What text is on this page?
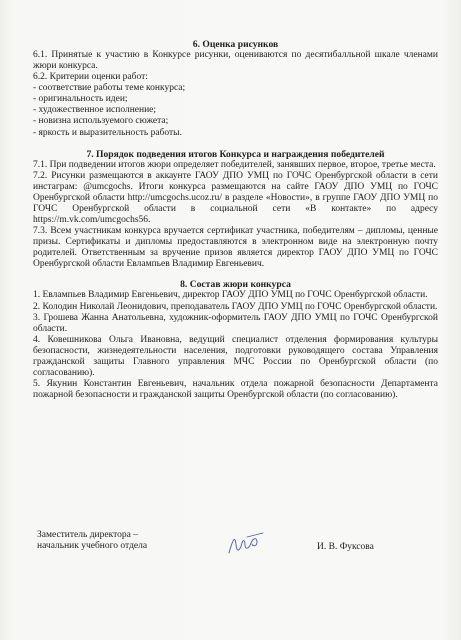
6. Оценка рисунков

6.1. Принятые к участию в Конкурсе рисунки, оцениваются по десятибалльной шкале членами жюри конкурса.

6.2. Критерии оценки работ:

- соответствие работы теме конкурса;
- оригинальность идеи;
- художественное исполнение;
- новизна используемого сюжета;
- яркость и выразительность работы.

7. Порядок подведения итогов Конкурса и награждения победителей

7.1. При подведении итогов жюри определяет победителей, занявших первое, второе, третье места.

7.2. Рисунки размещаются в аккаунте ГАОУ ДПО УМЦ по ГОЧС Оренбургской области в сети инстаграм: @umcgochs. Итоги конкурса размещаются на сайте ГАОУ ДПО УМЦ по ГОЧС Оренбургской области http://umcgochs.ucoz.ru/ в разделе «Новости», в группе ГАОУ ДПО УМЦ по ГОЧС Оренбургской области в социальной сети «В контакте» по адресу https://m.vk.com/umcgochs56.

7.3. Всем участникам конкурса вручается сертификат участника, победителям – дипломы, ценные призы. Сертификаты и дипломы предоставляются в электронном виде на электронную почту родителей. Ответственным за вручение призов является директор ГАОУ ДПО УМЦ по ГОЧС Оренбургской области Евлампьев Владимир Евгеньевич.

8. Состав жюри конкурса

1. Евлампьев Владимир Евгеньевич, директор ГАОУ ДПО УМЦ по ГОЧС Оренбургской области.

2. Колодин Николай Леонидович, преподаватель ГАОУ ДПО УМЦ по ГОЧС Оренбургской области.

3. Грошева Жанна Анатольевна, художник-оформитель ГАОУ ДПО УМЦ по ГОЧС Оренбургской области.

4. Ковешникова Ольга Ивановна, ведущий специалист отделения формирования культуры безопасности, жизнедеятельности населения, подготовки руководящего состава Управления гражданской защиты Главного управления МЧС России по Оренбургской области (по согласованию).

5. Якунин Константин Евгеньевич, начальник отдела пожарной безопасности Департамента пожарной безопасности и гражданской защиты Оренбургской области (по согласованию).

Заместитель директора –
начальник учебного отдела	И. В. Фуксова
